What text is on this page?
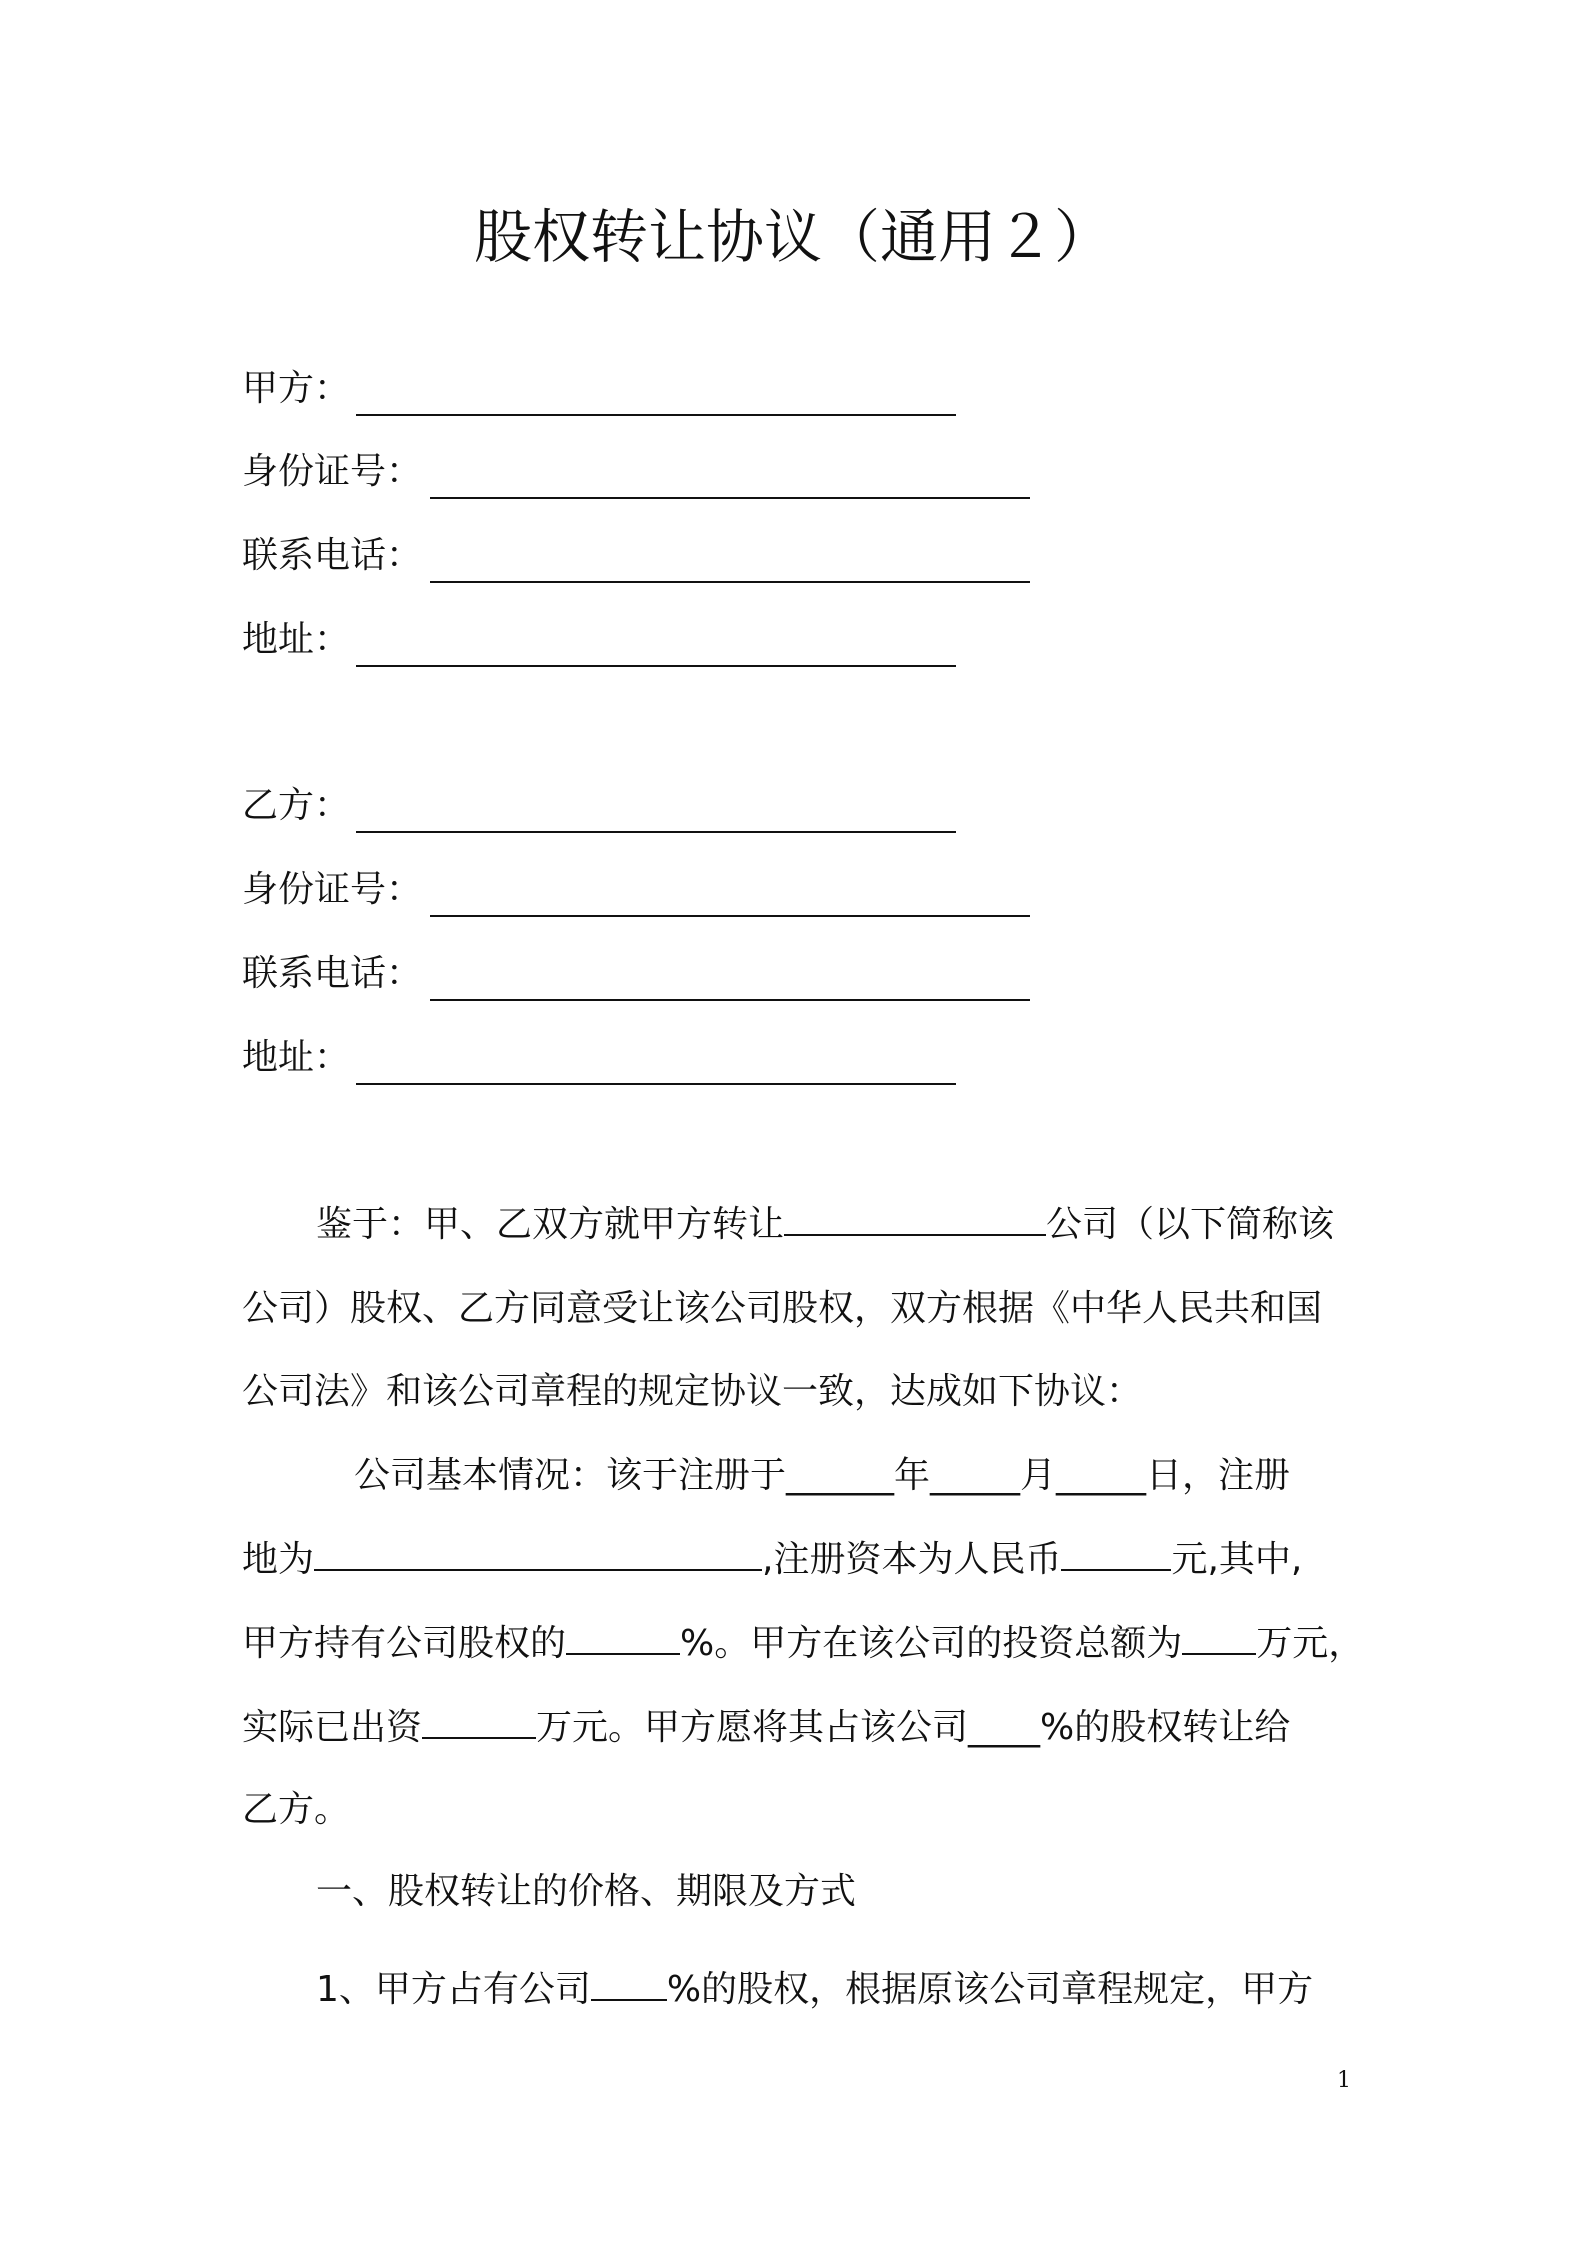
股权转让协议（通用２）
甲方：
身份证号：
联系电话：
地址：
乙方：
身份证号：
联系电话：
地址：
鉴于：甲、乙双方就甲方转让	公司（以下简称该
公司）股权、乙方同意受让该公司股权，双方根据《中华人民共和国
公司法》和该公司章程的规定协议一致，达成如下协议：
公司基本情况：该于注册于______年_____月_____日，注册
地为	,注册资本为人民币	元,其中,
甲方持有公司股权的	%。甲方在该公司的投资总额为 万元，
实际已出资	万元。甲方愿将其占该公司____%的股权转让给
乙方。
一、股权转让的价格、期限及方式
1、甲方占有公司 %的股权，根据原该公司章程规定，甲方
1
